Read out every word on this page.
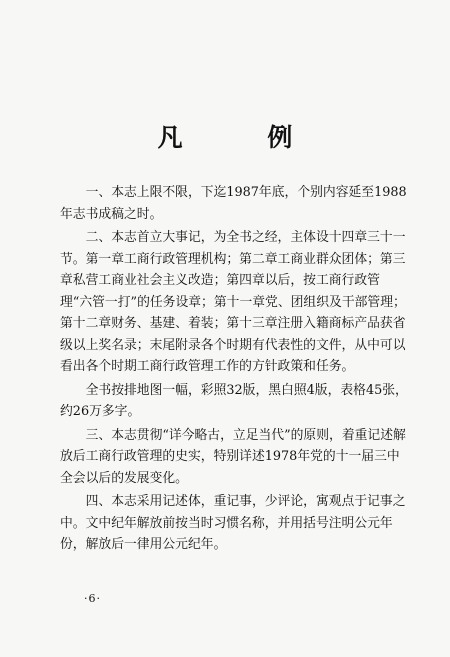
凡 例

一、本志上限不限，下迄1987年底，个别内容延至1988年志书成稿之时。

二、本志首立大事记，为全书之经，主体设十四章三十一节。第一章工商行政管理机构；第二章工商业群众团体；第三章私营工商业社会主义改造；第四章以后，按工商行政管理“六管一打”的任务设章；第十一章党、团组织及干部管理；第十二章财务、基建、着装；第十三章注册入籍商标产品获省级以上奖名录；末尾附录各个时期有代表性的文件，从中可以看出各个时期工商行政管理工作的方针政策和任务。

全书按排地图一幅，彩照32版，黑白照4版，表格45张，约26万多字。

三、本志贯彻“详今略古，立足当代”的原则，着重记述解放后工商行政管理的史实，特别详述1978年党的十一届三中全会以后的发展变化。

四、本志采用记述体，重记事，少评论，寓观点于记事之中。文中纪年解放前按当时习惯名称，并用括号注明公元年份，解放后一律用公元纪年。

·6·
